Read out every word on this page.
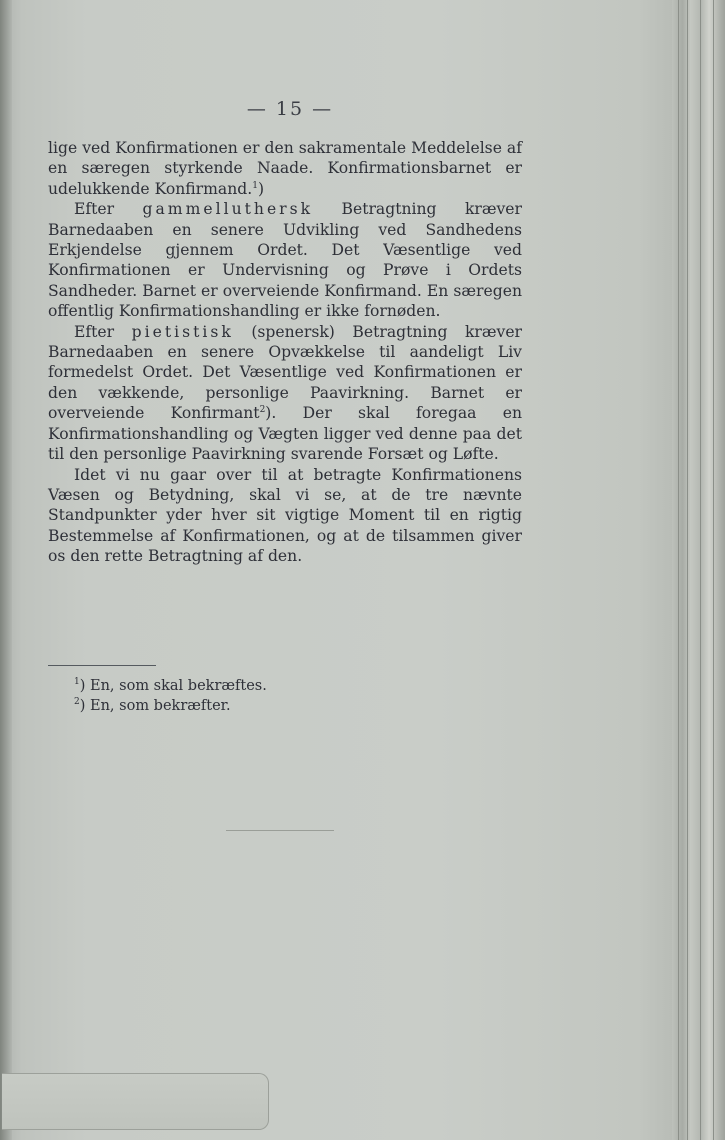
— 15 —

lige ved Konfirmationen er den sakramentale Meddelelse af en særegen styrkende Naade. Konfirmationsbarnet er udelukkende Konfirmand.$^1$)

Efter gammelluthersk Betragtning kræver Barnedaaben en senere Udvikling ved Sandhedens Erkjendelse gjennem Ordet. Det Væsentlige ved Konfirmationen er Undervisning og Prøve i Ordets Sandheder. Barnet er overveiende Konfirmand. En særegen offentlig Konfirmationshandling er ikke fornøden.

Efter pietistisk (spenersk) Betragtning kræver Barnedaaben en senere Opvækkelse til aandeligt Liv formedelst Ordet. Det Væsentlige ved Konfirmationen er den vækkende, personlige Paavirkning. Barnet er overveiende Konfirmant$^2$). Der skal foregaa en Konfirmationshandling og Vægten ligger ved denne paa det til den personlige Paavirkning svarende Forsæt og Løfte.

Idet vi nu gaar over til at betragte Konfirmationens Væsen og Betydning, skal vi se, at de tre nævnte Standpunkter yder hver sit vigtige Moment til en rigtig Bestemmelse af Konfirmationen, og at de tilsammen giver os den rette Betragtning af den.

$^1$) En, som skal bekræftes.
$^2$) En, som bekræfter.
